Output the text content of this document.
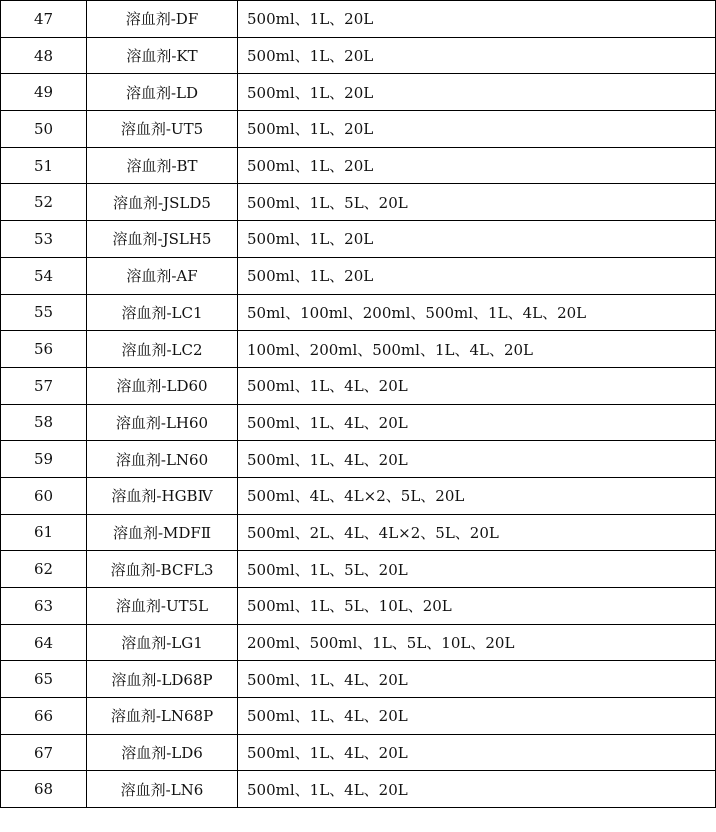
47	溶血剂-DF	500ml、1L、20L
48	溶血剂-KT	500ml、1L、20L
49	溶血剂-LD	500ml、1L、20L
50	溶血剂-UT5	500ml、1L、20L
51	溶血剂-BT	500ml、1L、20L
52	溶血剂-JSLD5	500ml、1L、5L、20L
53	溶血剂-JSLH5	500ml、1L、20L
54	溶血剂-AF	500ml、1L、20L
55	溶血剂-LC1	50ml、100ml、200ml、500ml、1L、4L、20L
56	溶血剂-LC2	100ml、200ml、500ml、1L、4L、20L
57	溶血剂-LD60	500ml、1L、4L、20L
58	溶血剂-LH60	500ml、1L、4L、20L
59	溶血剂-LN60	500ml、1L、4L、20L
60	溶血剂-HGBⅣ	500ml、4L、4L×2、5L、20L
61	溶血剂-MDFⅡ	500ml、2L、4L、4L×2、5L、20L
62	溶血剂-BCFL3	500ml、1L、5L、20L
63	溶血剂-UT5L	500ml、1L、5L、10L、20L
64	溶血剂-LG1	200ml、500ml、1L、5L、10L、20L
65	溶血剂-LD68P	500ml、1L、4L、20L
66	溶血剂-LN68P	500ml、1L、4L、20L
67	溶血剂-LD6	500ml、1L、4L、20L
68	溶血剂-LN6	500ml、1L、4L、20L
